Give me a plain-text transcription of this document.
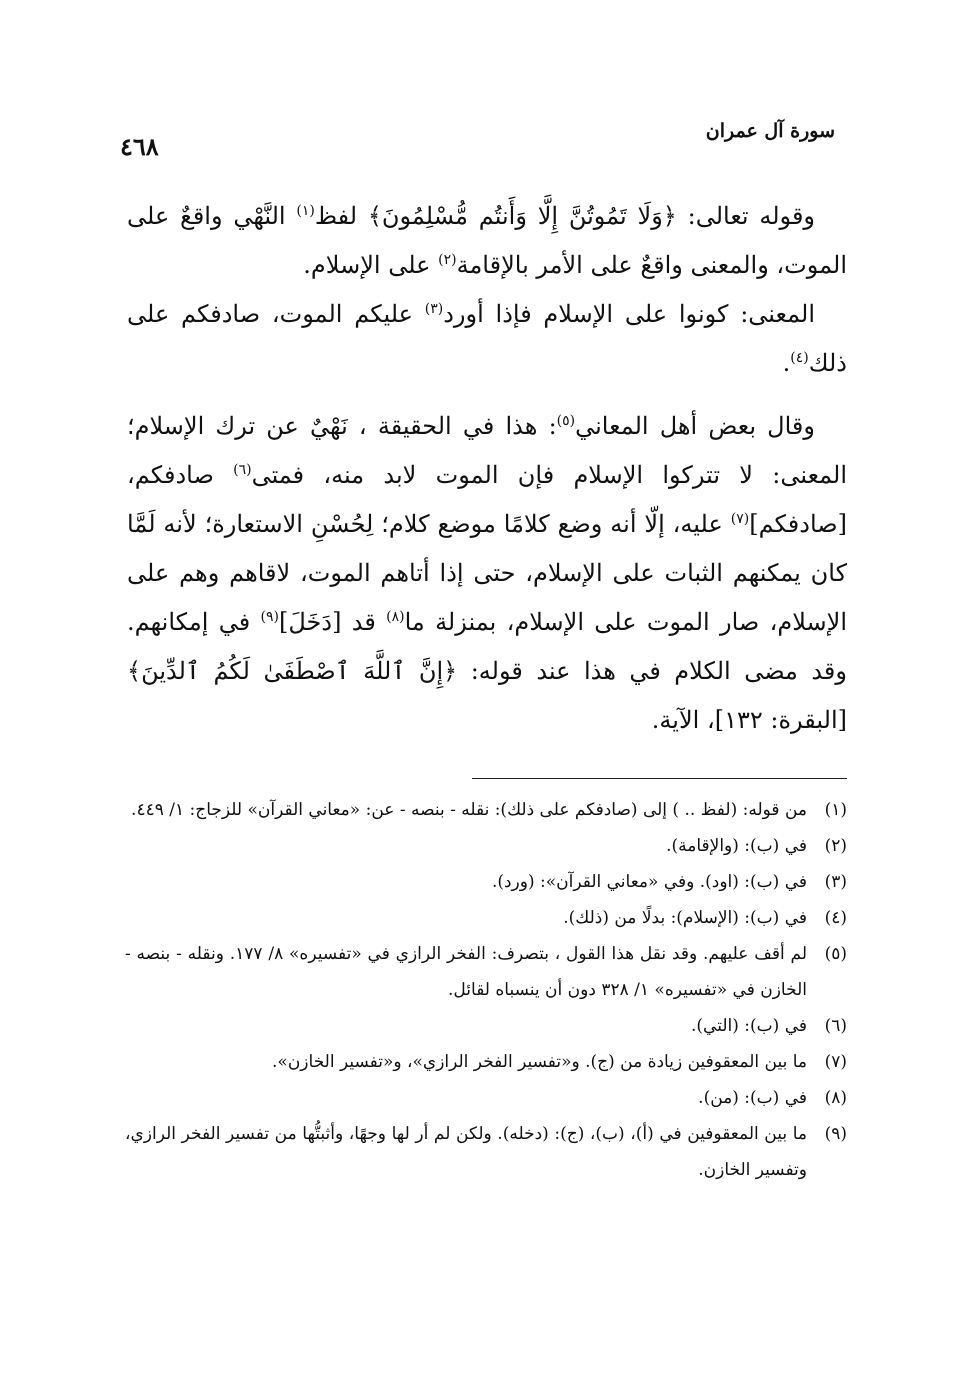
سورة آل عمران
٤٦٨

وقوله تعالى: ﴿وَلَا تَمُوتُنَّ إِلَّا وَأَنتُم مُّسْلِمُونَ﴾ لفظ$^{(١)}$ النَّهْي واقعٌ على الموت، والمعنى واقعٌ على الأمر بالإقامة$^{(٢)}$ على الإسلام.

المعنى: كونوا على الإسلام فإذا أورد$^{(٣)}$ عليكم الموت، صادفكم على ذلك$^{(٤)}$.

وقال بعض أهل المعاني$^{(٥)}$: هذا في الحقيقة ، نَهْيٌ عن ترك الإسلام؛ المعنى: لا تتركوا الإسلام فإن الموت لابد منه، فمتى$^{(٦)}$ صادفكم، [صادفكم]$^{(٧)}$ عليه، إلّا أنه وضع كلامًا موضع كلام؛ لِحُسْنِ الاستعارة؛ لأنه لَمَّا كان يمكنهم الثبات على الإسلام، حتى إذا أتاهم الموت، لاقاهم وهم على الإسلام، صار الموت على الإسلام، بمنزلة ما$^{(٨)}$ قد [دَخَلَ]$^{(٩)}$ في إمكانهم. وقد مضى الكلام في هذا عند قوله: ﴿إِنَّ ٱللَّهَ ٱصْطَفَىٰ لَكُمُ ٱلدِّينَ﴾ [البقرة: ١٣٢]، الآية.

(١)
من قوله: (لفظ .. ) إلى (صادفكم على ذلك): نقله - بنصه - عن: «معاني القرآن» للزجاج: ١/ ٤٤٩.
(٢)
في (ب): (والإقامة).
(٣)
في (ب): (اود). وفي «معاني القرآن»: (ورد).
(٤)
في (ب): (الإسلام): بدلًا من (ذلك).
(٥)
لم أقف عليهم. وقد نقل هذا القول ، بتصرف: الفخر الرازي في «تفسيره» ٨/ ١٧٧. ونقله - بنصه - الخازن في «تفسيره» ١/ ٣٢٨ دون أن ينسباه لقائل.
(٦)
في (ب): (التي).
(٧)
ما بين المعقوفين زيادة من (ج). و«تفسير الفخر الرازي»، و«تفسير الخازن».
(٨)
في (ب): (من).
(٩)
ما بين المعقوفين في (أ)، (ب)، (ج): (دخله). ولكن لم أر لها وجهًا، وأثبتُّها من تفسير الفخر الرازي، وتفسير الخازن.
